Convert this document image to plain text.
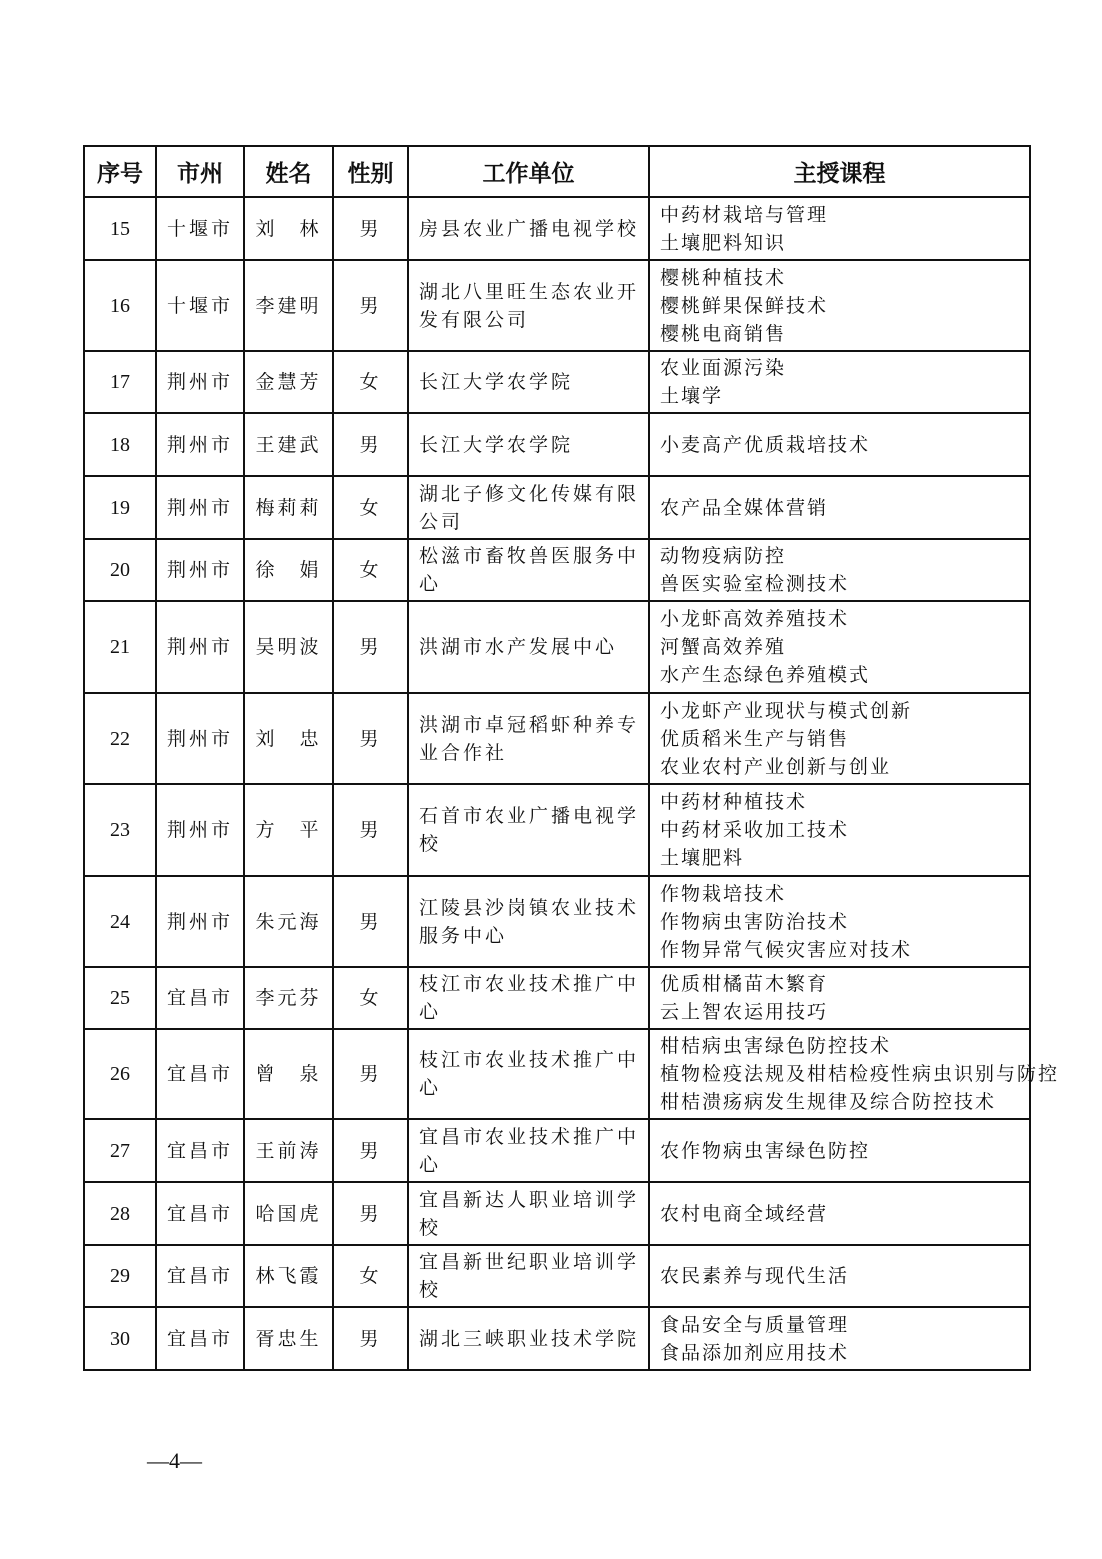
序号	市州	姓名	性别	工作单位	主授课程
15	十堰市	刘　林	男	房县农业广播电视学校	中药材栽培与管理
土壤肥料知识

16	十堰市	李建明	男	湖北八里旺生态农业开发有限公司	樱桃种植技术
樱桃鲜果保鲜技术
樱桃电商销售

17	荆州市	金慧芳	女	长江大学农学院	农业面源污染
土壤学

18	荆州市	王建武	男	长江大学农学院	小麦高产优质栽培技术

19	荆州市	梅莉莉	女	湖北子修文化传媒有限公司	农产品全媒体营销

20	荆州市	徐　娟	女	松滋市畜牧兽医服务中心	动物疫病防控
兽医实验室检测技术

21	荆州市	吴明波	男	洪湖市水产发展中心	小龙虾高效养殖技术
河蟹高效养殖
水产生态绿色养殖模式

22	荆州市	刘　忠	男	洪湖市卓冠稻虾种养专业合作社	小龙虾产业现状与模式创新
优质稻米生产与销售
农业农村产业创新与创业

23	荆州市	方　平	男	石首市农业广播电视学校	中药材种植技术
中药材采收加工技术
土壤肥料

24	荆州市	朱元海	男	江陵县沙岗镇农业技术服务中心	作物栽培技术
作物病虫害防治技术
作物异常气候灾害应对技术

25	宜昌市	李元芬	女	枝江市农业技术推广中心	优质柑橘苗木繁育
云上智农运用技巧

26	宜昌市	曾　泉	男	枝江市农业技术推广中心	柑桔病虫害绿色防控技术
植物检疫法规及柑桔检疫性病虫识别与防控
柑桔溃疡病发生规律及综合防控技术

27	宜昌市	王前涛	男	宜昌市农业技术推广中心	农作物病虫害绿色防控

28	宜昌市	哈国虎	男	宜昌新达人职业培训学校	农村电商全域经营

29	宜昌市	林飞霞	女	宜昌新世纪职业培训学校	农民素养与现代生活

30	宜昌市	胥忠生	男	湖北三峡职业技术学院	食品安全与质量管理
食品添加剂应用技术
—4—
